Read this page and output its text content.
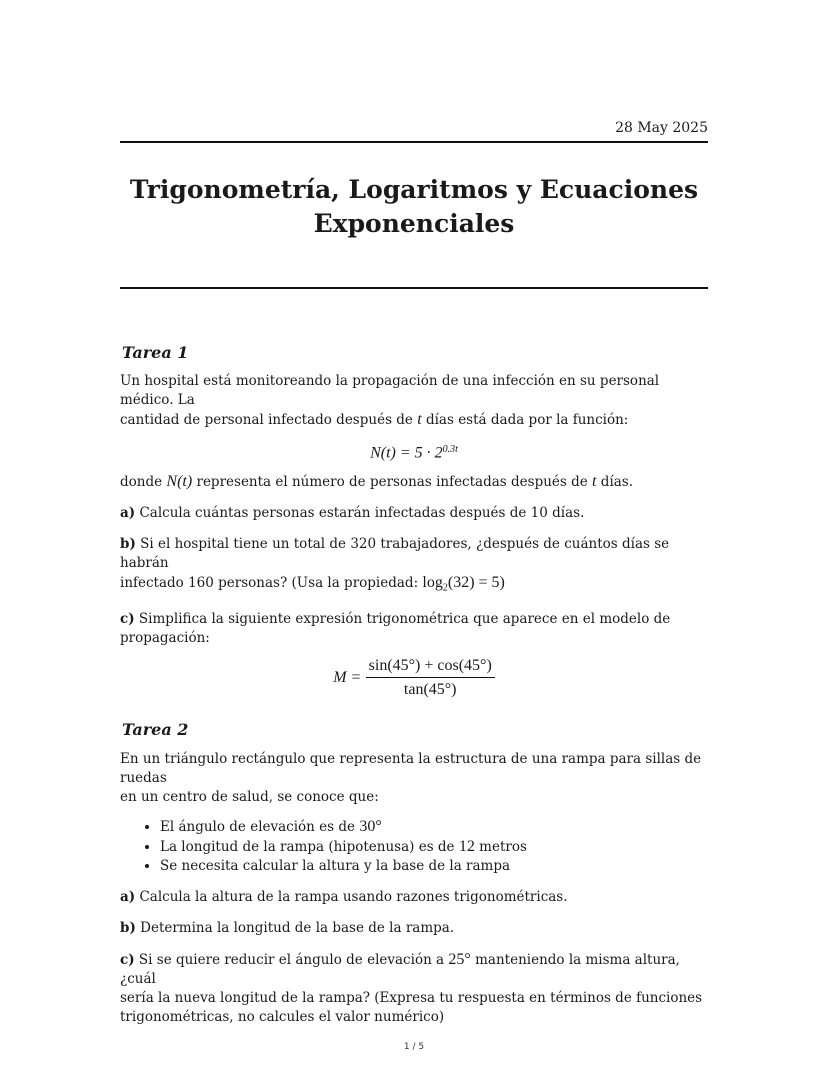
28 May 2025
Trigonometría, Logaritmos y Ecuaciones
Exponenciales
Tarea 1

Un hospital está monitoreando la propagación de una infección en su personal médico. La
cantidad de personal infectado después de t días está dada por la función:

$N(t) = 5 \cdot 2^{0.3t}$

donde N(t) representa el número de personas infectadas después de t días.

a) Calcula cuántas personas estarán infectadas después de 10 días.

b) Si el hospital tiene un total de 320 trabajadores, ¿después de cuántos días se habrán
infectado 160 personas? (Usa la propiedad: $\log_2(32) = 5$)

c) Simplifica la siguiente expresión trigonométrica que aparece en el modelo de
propagación:

$M = \frac{\sin(45^\circ) + \cos(45^\circ)}{\tan(45^\circ)}$
Tarea 2

En un triángulo rectángulo que representa la estructura de una rampa para sillas de ruedas
en un centro de salud, se conoce que:

• El ángulo de elevación es de 30°
• La longitud de la rampa (hipotenusa) es de 12 metros
• Se necesita calcular la altura y la base de la rampa

a) Calcula la altura de la rampa usando razones trigonométricas.

b) Determina la longitud de la base de la rampa.

c) Si se quiere reducir el ángulo de elevación a 25° manteniendo la misma altura, ¿cuál
sería la nueva longitud de la rampa? (Expresa tu respuesta en términos de funciones
trigonométricas, no calcules el valor numérico)

1 / 5
